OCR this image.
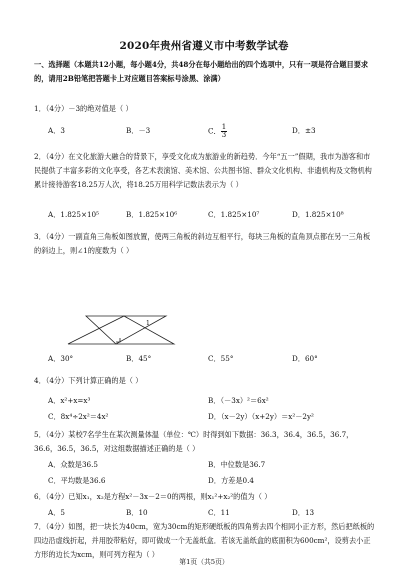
2020年贵州省遵义市中考数学试卷
一、选择题（本题共12小题，每小题4分，共48分在每小题给出的四个选项中，只有一项是符合题目要求的，请用2B铅笔把答题卡上对应题目答案标号涂黑、涂满）
1．（4分）－3的绝对值是（ ）
A．3	B．－3	C． $\frac{1}{3}$	D．±3
2．（4分）在文化旅游大融合的背景下，享受文化成为旅游业的新趋势．今年“五一”假期，我市为游客和市民提供了丰富多彩的文化享受，各艺术表演馆、美术馆、公共图书馆、群众文化机构、非遗机构及文物机构累计接待游客18.25万人次，将18.25万用科学记数法表示为（ ）
A．1.825×10⁵	B．1.825×10⁶	C．1.825×10⁷	D．1.825×10⁸
3．（4分）一副直角三角板如图放置，使两三角板的斜边互相平行，每块三角板的直角顶点都在另一三角板的斜边上，则∠1的度数为（ ）
1
A．30°	B．45°	C．55°	D．60°
4．（4分）下列计算正确的是（ ）
A．x²+x=x³	B．（－3x）²＝6x²
C．8x⁴÷2x²＝4x²	D．（x－2y）（x+2y）＝x²－2y²
5．（4分）某校7名学生在某次测量体温（单位：℃）时得到如下数据：36.3，36.4，36.5，36.7，36.6，36.5，36.5，对这组数据描述正确的是（ ）
A．众数是36.5	B．中位数是36.7
C．平均数是36.6	D．方差是0.4
6．（4分）已知x₁，x₂是方程x²－3x－2＝0的两根，则x₁²+x₂²的值为（ ）
A．5	B．10	C．11	D．13
7．（4分）如图，把一块长为40cm，宽为30cm的矩形硬纸板的四角剪去四个相同小正方形，然后把纸板的四边沿虚线折起，并用胶带粘好，即可做成一个无盖纸盒．若该无盖纸盒的底面积为600cm²，设剪去小正方形的边长为xcm，则可列方程为（ ）
第1页（共5页）
